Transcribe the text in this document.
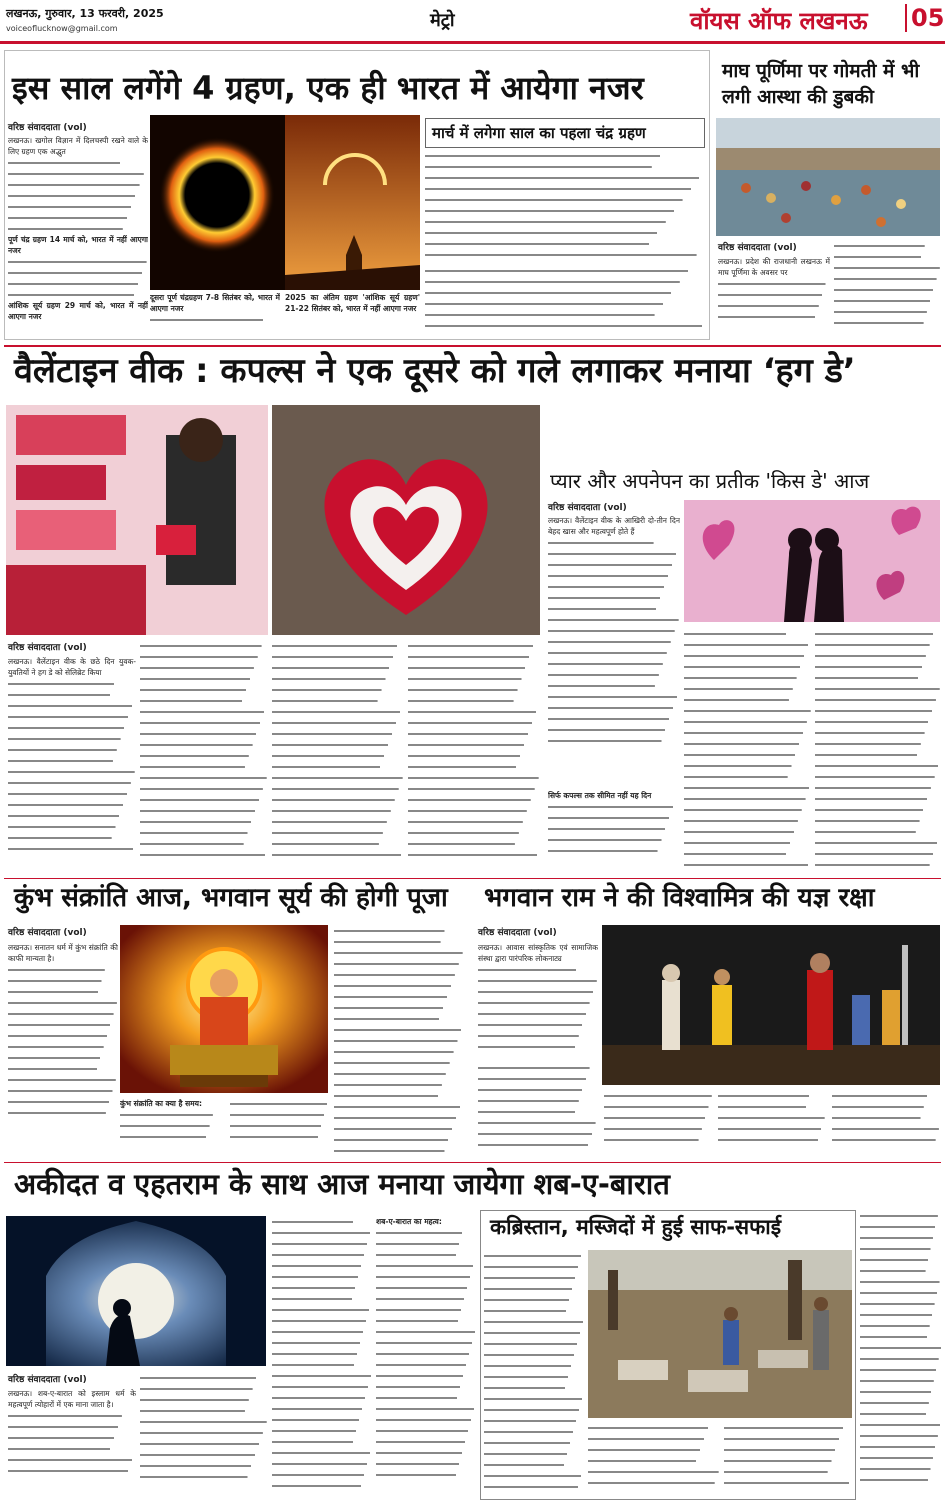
लखनऊ, गुरुवार, 13 फरवरी, 2025
voiceoflucknow@gmail.com	मेट्रो	वॉयस ऑफ लखनऊ 05
इस साल लगेंगे 4 ग्रहण, एक ही भारत में आयेगा नजर
वरिष्ठ संवाददाता (vol)
लखनऊ। खगोल विज्ञान में दिलचस्पी रखने वाले के लिए ग्रहण एक अद्भुत
पूर्ण चंद्र ग्रहण 14 मार्च को, भारत में नहीं आएगा नजर
आंशिक सूर्य ग्रहण 29 मार्च को, भारत में नहीं आएगा नजर
दूसरा पूर्ण चंद्रग्रहण 7-8 सितंबर को, भारत में आएगा नजर
2025 का अंतिम ग्रहण 'आंशिक सूर्य ग्रहण' 21-22 सितंबर को, भारत में नहीं आएगा नजर
मार्च में लगेगा साल का पहला चंद्र ग्रहण
माघ पूर्णिमा पर गोमती में भी लगी आस्था की डुबकी
वरिष्ठ संवाददाता (vol)
लखनऊ। प्रदेश की राजधानी लखनऊ में माघ पूर्णिमा के अवसर पर
वैलेंटाइन वीक : कपल्स ने एक दूसरे को गले लगाकर मनाया ‘हग डे’
प्यार और अपनेपन का प्रतीक 'किस डे' आज
वरिष्ठ संवाददाता (vol)
लखनऊ। वैलेंटाइन वीक के आखिरी दो-तीन दिन बेहद खास और महत्वपूर्ण होते हैं
वरिष्ठ संवाददाता (vol)
लखनऊ। वैलेंटाइन वीक के छठे दिन युवक-युवतियों ने हग डे को सेलिब्रेट किया
सिर्फ कपल्स तक सीमित नहीं यह दिन
कुंभ संक्रांति आज, भगवान सूर्य की होगी पूजा
वरिष्ठ संवाददाता (vol)
लखनऊ। सनातन धर्म में कुंभ संक्रांति की काफी मान्यता है।
कुंभ संक्रांति का क्या है समय:
भगवान राम ने की विश्वामित्र की यज्ञ रक्षा
वरिष्ठ संवाददाता (vol)
लखनऊ। आवास सांस्कृतिक एवं सामाजिक संस्था द्वारा पारंपरिक लोकनाट्य
अकीदत व एहतराम के साथ आज मनाया जायेगा शब-ए-बारात
वरिष्ठ संवाददाता (vol)
लखनऊ। शब-ए-बारात को इस्लाम धर्म के महत्वपूर्ण त्योहारों में एक माना जाता है।
शब-ए-बारात का महत्व:	कब्रिस्तान, मस्जिदों में हुई साफ-सफाई
